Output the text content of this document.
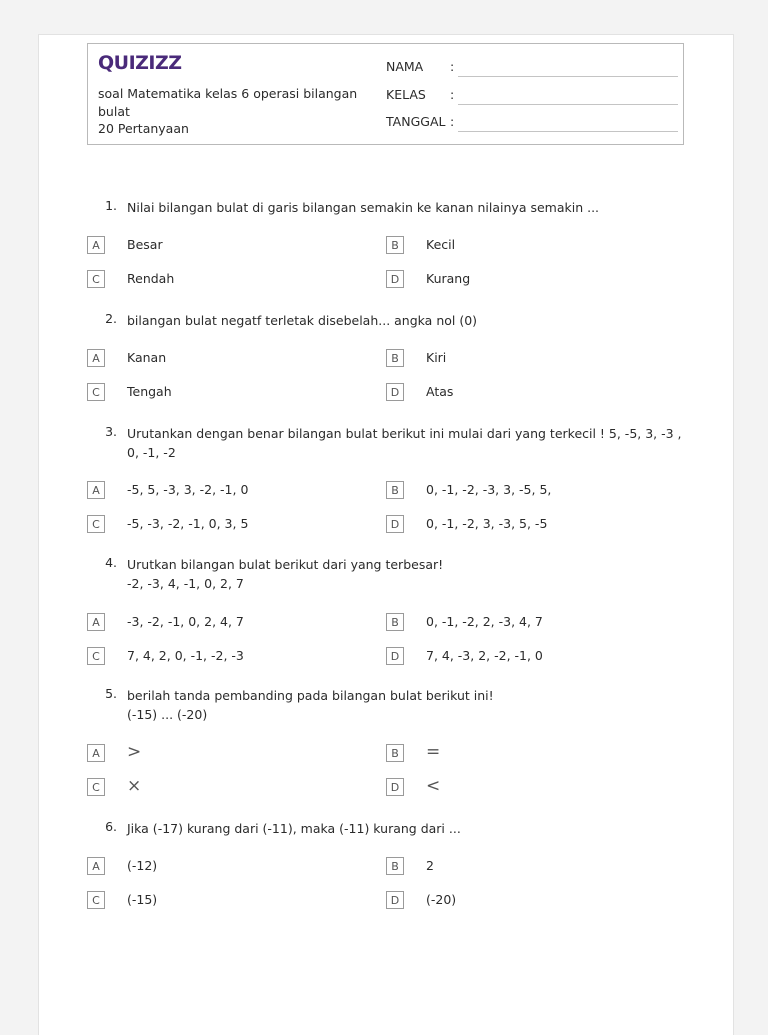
QUIZIZZ
soal Matematika kelas 6 operasi bilangan bulat
20 Pertanyaan
NAMA :
KELAS :
TANGGAL :
1. Nilai bilangan bulat di garis bilangan semakin ke kanan nilainya semakin ...
A	Besar	B	Kecil
C	Rendah	D	Kurang
2. bilangan bulat negatf terletak disebelah... angka nol (0)
A	Kanan	B	Kiri
C	Tengah	D	Atas
3. Urutankan dengan benar bilangan bulat berikut ini mulai dari yang terkecil ! 5, -5, 3, -3 , 0, -1, -2
A	-5, 5, -3, 3, -2, -1, 0	B	0, -1, -2, -3, 3, -5, 5,
C	-5, -3, -2, -1, 0, 3, 5	D	0, -1, -2, 3, -3, 5, -5
4. Urutkan bilangan bulat berikut dari yang terbesar!
-2, -3, 4, -1, 0, 2, 7
A	-3, -2, -1, 0, 2, 4, 7	B	0, -1, -2, 2, -3, 4, 7
C	7, 4, 2, 0, -1, -2, -3	D	7, 4, -3, 2, -2, -1, 0
5. berilah tanda pembanding pada bilangan bulat berikut ini!
(-15) ... (-20)
A	>	B	=
C	×	D <
6. Jika (-17) kurang dari (-11), maka (-11) kurang dari ...
A	(-12)	B	2
C	(-15)	D	(-20)
